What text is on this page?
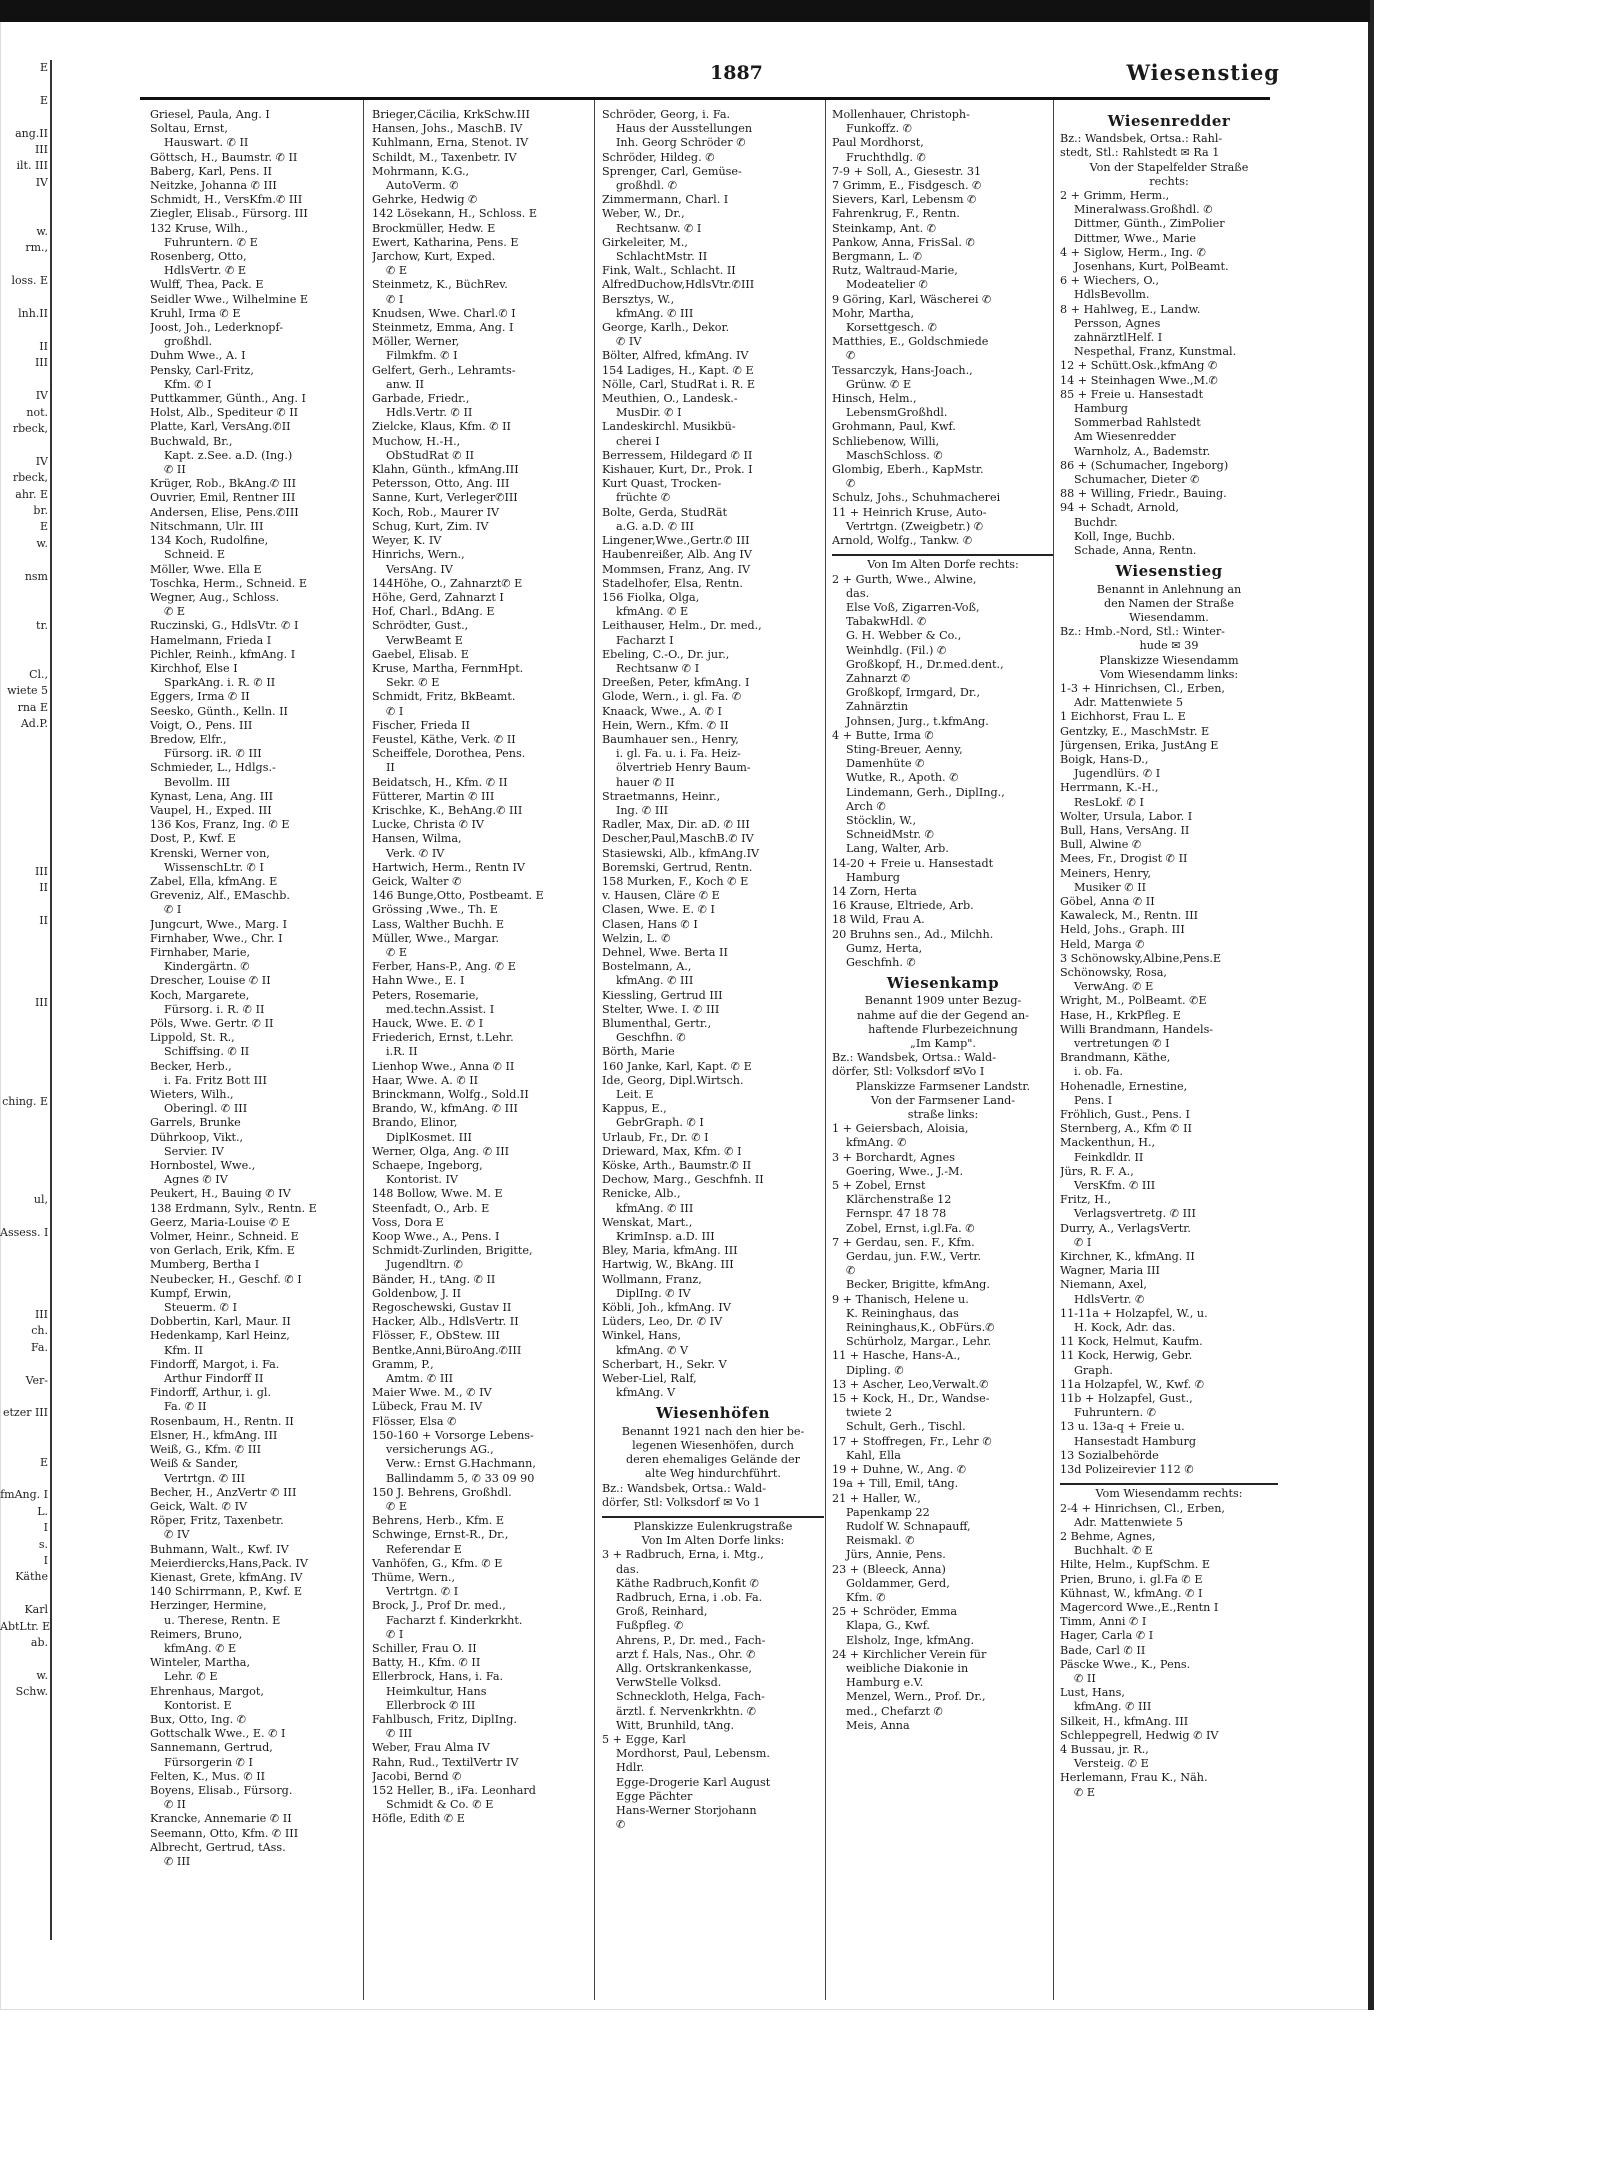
E

E

ang.II
III
ilt. III
IV

w.
rm.,

loss. E

lnh.II

II
III

IV
not.
rbeck,

IV
rbeck,
ahr. E
br.
E
w.

nsm

tr.

Cl.,
wiete 5
rna E
Ad.P.

III
II

II

III

ching. E

ul,

Assess. I

III
ch.
Fa.

Ver-

etzer III

E

fmAng. I
L.
I
s.
I
Käthe

Karl
AbtLtr. E
ab.

w.
Schw.
1887	Wiesenstieg
Griesel, Paula, Ang. I
Soltau, Ernst,
Hauswart. ✆ II
Göttsch, H., Baumstr. ✆ II
Baberg, Karl, Pens. II
Neitzke, Johanna ✆ III
Schmidt, H., VersKfm.✆ III
Ziegler, Elisab., Fürsorg. III
132 Kruse, Wilh.,
Fuhruntern. ✆ E
Rosenberg, Otto,
HdlsVertr. ✆ E
Wulff, Thea, Pack. E
Seidler Wwe., Wilhelmine E
Kruhl, Irma ✆ E
Joost, Joh., Lederknopf-
großhdl.
Duhm Wwe., A. I
Pensky, Carl-Fritz,
Kfm. ✆ I
Puttkammer, Günth., Ang. I
Holst, Alb., Spediteur ✆ II
Platte, Karl, VersAng.✆II
Buchwald, Br.,
Kapt. z.See. a.D. (Ing.)
✆ II
Krüger, Rob., BkAng.✆ III
Ouvrier, Emil, Rentner III
Andersen, Elise, Pens.✆III
Nitschmann, Ulr. III
134 Koch, Rudolfine,
Schneid. E
Möller, Wwe. Ella E
Toschka, Herm., Schneid. E
Wegner, Aug., Schloss.
✆ E
Ruczinski, G., HdlsVtr. ✆ I
Hamelmann, Frieda I
Pichler, Reinh., kfmAng. I
Kirchhof, Else I
SparkAng. i. R. ✆ II
Eggers, Irma ✆ II
Seesko, Günth., Kelln. II
Voigt, O., Pens. III
Bredow, Elfr.,
Fürsorg. iR. ✆ III
Schmieder, L., Hdlgs.-
Bevollm. III
Kynast, Lena, Ang. III
Vaupel, H., Exped. III
136 Kos, Franz, Ing. ✆ E
Dost, P., Kwf. E
Krenski, Werner von,
WissenschLtr. ✆ I
Zabel, Ella, kfmAng. E
Greveniz, Alf., EMaschb.
✆ I
Jungcurt, Wwe., Marg. I
Firnhaber, Wwe., Chr. I
Firnhaber, Marie,
Kindergärtn. ✆
Drescher, Louise ✆ II
Koch, Margarete,
Fürsorg. i. R. ✆ II
Pöls, Wwe. Gertr. ✆ II
Lippold, St. R.,
Schiffsing. ✆ II
Becker, Herb.,
i. Fa. Fritz Bott III
Wieters, Wilh.,
Oberingl. ✆ III
Garrels, Brunke
Dührkoop, Vikt.,
Servier. IV
Hornbostel, Wwe.,
Agnes ✆ IV
Peukert, H., Bauing ✆ IV
138 Erdmann, Sylv., Rentn. E
Geerz, Maria-Louise ✆ E
Volmer, Heinr., Schneid. E
von Gerlach, Erik, Kfm. E
Mumberg, Bertha I
Neubecker, H., Geschf. ✆ I
Kumpf, Erwin,
Steuerm. ✆ I
Dobbertin, Karl, Maur. II
Hedenkamp, Karl Heinz,
Kfm. II
Findorff, Margot, i. Fa.
Arthur Findorff II
Findorff, Arthur, i. gl.
Fa. ✆ II
Rosenbaum, H., Rentn. II
Elsner, H., kfmAng. III
Weiß, G., Kfm. ✆ III
Weiß & Sander,
Vertrtgn. ✆ III
Becher, H., AnzVertr ✆ III
Geick, Walt. ✆ IV
Röper, Fritz, Taxenbetr.
✆ IV
Buhmann, Walt., Kwf. IV
Meierdiercks,Hans,Pack. IV
Kienast, Grete, kfmAng. IV
140 Schirrmann, P., Kwf. E
Herzinger, Hermine,
u. Therese, Rentn. E
Reimers, Bruno,
kfmAng. ✆ E
Winteler, Martha,
Lehr. ✆ E
Ehrenhaus, Margot,
Kontorist. E
Bux, Otto, Ing. ✆
Gottschalk Wwe., E. ✆ I
Sannemann, Gertrud,
Fürsorgerin ✆ I
Felten, K., Mus. ✆ II
Boyens, Elisab., Fürsorg.
✆ II
Krancke, Annemarie ✆ II
Seemann, Otto, Kfm. ✆ III
Albrecht, Gertrud, tAss.
✆ III
Brieger,Cäcilia, KrkSchw.III
Hansen, Johs., MaschB. IV
Kuhlmann, Erna, Stenot. IV
Schildt, M., Taxenbetr. IV
Mohrmann, K.G.,
AutoVerm. ✆
Gehrke, Hedwig ✆
142 Lösekann, H., Schloss. E
Brockmüller, Hedw. E
Ewert, Katharina, Pens. E
Jarchow, Kurt, Exped.
✆ E
Steinmetz, K., BüchRev.
✆ I
Knudsen, Wwe. Charl.✆ I
Steinmetz, Emma, Ang. I
Möller, Werner,
Filmkfm. ✆ I
Gelfert, Gerh., Lehramts-
anw. II
Garbade, Friedr.,
Hdls.Vertr. ✆ II
Zielcke, Klaus, Kfm. ✆ II
Muchow, H.-H.,
ObStudRat ✆ II
Klahn, Günth., kfmAng.III
Petersson, Otto, Ang. III
Sanne, Kurt, Verleger✆III
Koch, Rob., Maurer IV
Schug, Kurt, Zim. IV
Weyer, K. IV
Hinrichs, Wern.,
VersAng. IV
144Höhe, O., Zahnarzt✆ E
Höhe, Gerd, Zahnarzt I
Hof, Charl., BdAng. E
Schrödter, Gust.,
VerwBeamt E
Gaebel, Elisab. E
Kruse, Martha, FernmHpt.
Sekr. ✆ E
Schmidt, Fritz, BkBeamt.
✆ I
Fischer, Frieda II
Feustel, Käthe, Verk. ✆ II
Scheiffele, Dorothea, Pens.
II
Beidatsch, H., Kfm. ✆ II
Fütterer, Martin ✆ III
Krischke, K., BehAng.✆ III
Lucke, Christa ✆ IV
Hansen, Wilma,
Verk. ✆ IV
Hartwich, Herm., Rentn IV
Geick, Walter ✆
146 Bunge,Otto, Postbeamt. E
Grössing ,Wwe., Th. E
Lass, Walther Buchh. E
Müller, Wwe., Margar.
✆ E
Ferber, Hans-P., Ang. ✆ E
Hahn Wwe., E. I
Peters, Rosemarie,
med.techn.Assist. I
Hauck, Wwe. E. ✆ I
Friederich, Ernst, t.Lehr.
i.R. II
Lienhop Wwe., Anna ✆ II
Haar, Wwe. A. ✆ II
Brinckmann, Wolfg., Sold.II
Brando, W., kfmAng. ✆ III
Brando, Elinor,
DiplKosmet. III
Werner, Olga, Ang. ✆ III
Schaepe, Ingeborg,
Kontorist. IV
148 Bollow, Wwe. M. E
Steenfadt, O., Arb. E
Voss, Dora E
Koop Wwe., A., Pens. I
Schmidt-Zurlinden, Brigitte,
Jugendltrn. ✆
Bänder, H., tAng. ✆ II
Goldenbow, J. II
Regoschewski, Gustav II
Hacker, Alb., HdlsVertr. II
Flösser, F., ObStew. III
Bentke,Anni,BüroAng.✆III
Gramm, P.,
Amtm. ✆ III
Maier Wwe. M., ✆ IV
Lübeck, Frau M. IV
Flösser, Elsa ✆
150-160 + Vorsorge Lebens-
versicherungs AG.,
Verw.: Ernst G.Hachmann,
Ballindamm 5, ✆ 33 09 90
150 J. Behrens, Großhdl.
✆ E
Behrens, Herb., Kfm. E
Schwinge, Ernst-R., Dr.,
Referendar E
Vanhöfen, G., Kfm. ✆ E
Thüme, Wern.,
Vertrtgn. ✆ I
Brock, J., Prof Dr. med.,
Facharzt f. Kinderkrkht.
✆ I
Schiller, Frau O. II
Batty, H., Kfm. ✆ II
Ellerbrock, Hans, i. Fa.
Heimkultur, Hans
Ellerbrock ✆ III
Fahlbusch, Fritz, DiplIng.
✆ III
Weber, Frau Alma IV
Rahn, Rud., TextilVertr IV
Jacobi, Bernd ✆
152 Heller, B., iFa. Leonhard
Schmidt & Co. ✆ E
Höfle, Edith ✆ E
Schröder, Georg, i. Fa.
Haus der Ausstellungen
Inh. Georg Schröder ✆
Schröder, Hildeg. ✆
Sprenger, Carl, Gemüse-
großhdl. ✆
Zimmermann, Charl. I
Weber, W., Dr.,
Rechtsanw. ✆ I
Girkeleiter, M.,
SchlachtMstr. II
Fink, Walt., Schlacht. II
AlfredDuchow,HdlsVtr.✆III
Bersztys, W.,
kfmAng. ✆ III
George, Karlh., Dekor.
✆ IV
Bölter, Alfred, kfmAng. IV
154 Ladiges, H., Kapt. ✆ E
Nölle, Carl, StudRat i. R. E
Meuthien, O., Landesk.-
MusDir. ✆ I
Landeskirchl. Musikbü-
cherei I
Berressem, Hildegard ✆ II
Kishauer, Kurt, Dr., Prok. I
Kurt Quast, Trocken-
früchte ✆
Bolte, Gerda, StudRät
a.G. a.D. ✆ III
Lingener,Wwe.,Gertr.✆ III
Haubenreißer, Alb. Ang IV
Mommsen, Franz, Ang. IV
Stadelhofer, Elsa, Rentn.
156 Fiolka, Olga,
kfmAng. ✆ E
Leithauser, Helm., Dr. med.,
Facharzt I
Ebeling, C.-O., Dr. jur.,
Rechtsanw ✆ I
Dreeßen, Peter, kfmAng. I
Glode, Wern., i. gl. Fa. ✆
Knaack, Wwe., A. ✆ I
Hein, Wern., Kfm. ✆ II
Baumhauer sen., Henry,
i. gl. Fa. u. i. Fa. Heiz-
ölvertrieb Henry Baum-
hauer ✆ II
Straetmanns, Heinr.,
Ing. ✆ III
Radler, Max, Dir. aD. ✆ III
Descher,Paul,MaschB.✆ IV
Stasiewski, Alb., kfmAng.IV
Boremski, Gertrud, Rentn.
158 Murken, F., Koch ✆ E
v. Hausen, Cläre ✆ E
Clasen, Wwe. E. ✆ I
Clasen, Hans ✆ I
Welzin, L. ✆
Dehnel, Wwe. Berta II
Bostelmann, A.,
kfmAng. ✆ III
Kiessling, Gertrud III
Stelter, Wwe. I. ✆ III
Blumenthal, Gertr.,
Geschfhn. ✆
Börth, Marie
160 Janke, Karl, Kapt. ✆ E
Ide, Georg, Dipl.Wirtsch.
Leit. E
Kappus, E.,
GebrGraph. ✆ I
Urlaub, Fr., Dr. ✆ I
Drieward, Max, Kfm. ✆ I
Köske, Arth., Baumstr.✆ II
Dechow, Marg., Geschfnh. II
Renicke, Alb.,
kfmAng. ✆ III
Wenskat, Mart.,
KrimInsp. a.D. III
Bley, Maria, kfmAng. III
Hartwig, W., BkAng. III
Wollmann, Franz,
DiplIng. ✆ IV
Köbli, Joh., kfmAng. IV
Lüders, Leo, Dr. ✆ IV
Winkel, Hans,
kfmAng. ✆ V
Scherbart, H., Sekr. V
Weber-Liel, Ralf,
kfmAng. V
Wiesenhöfen
Benannt 1921 nach den hier be-
legenen Wiesenhöfen, durch
deren ehemaliges Gelände der
alte Weg hindurchführt.
Bz.: Wandsbek, Ortsa.: Wald-
dörfer, Stl: Volksdorf ✉ Vo 1
Planskizze Eulenkrugstraße
Von Im Alten Dorfe links:
3 + Radbruch, Erna, i. Mtg.,
das.
Käthe Radbruch,Konfit ✆
Radbruch, Erna, i .ob. Fa.
Groß, Reinhard,
Fußpfleg. ✆
Ahrens, P., Dr. med., Fach-
arzt f. Hals, Nas., Ohr. ✆
Allg. Ortskrankenkasse,
VerwStelle Volksd.
Schneckloth, Helga, Fach-
ärztl. f. Nervenkrkhtn. ✆
Witt, Brunhild, tAng.
5 + Egge, Karl
Mordhorst, Paul, Lebensm.
Hdlr.
Egge-Drogerie Karl August
Egge Pächter
Hans-Werner Storjohann
✆
Mollenhauer, Christoph-
Funkoffz. ✆
Paul Mordhorst,
Fruchthdlg. ✆
7-9 + Soll, A., Giesestr. 31
7 Grimm, E., Fisdgesch. ✆
Sievers, Karl, Lebensm ✆
Fahrenkrug, F., Rentn.
Steinkamp, Ant. ✆
Pankow, Anna, FrisSal. ✆
Bergmann, L. ✆
Rutz, Waltraud-Marie,
Modeatelier ✆
9 Göring, Karl, Wäscherei ✆
Mohr, Martha,
Korsettgesch. ✆
Matthies, E., Goldschmiede
✆
Tessarczyk, Hans-Joach.,
Grünw. ✆ E
Hinsch, Helm.,
LebensmGroßhdl.
Grohmann, Paul, Kwf.
Schliebenow, Willi,
MaschSchloss. ✆
Glombig, Eberh., KapMstr.
✆
Schulz, Johs., Schuhmacherei
11 + Heinrich Kruse, Auto-
Vertrtgn. (Zweigbetr.) ✆
Arnold, Wolfg., Tankw. ✆
Von Im Alten Dorfe rechts:
2 + Gurth, Wwe., Alwine,
das.
Else Voß, Zigarren-Voß,
TabakwHdl. ✆
G. H. Webber & Co.,
Weinhdlg. (Fil.) ✆
Großkopf, H., Dr.med.dent.,
Zahnarzt ✆
Großkopf, Irmgard, Dr.,
Zahnärztin
Johnsen, Jurg., t.kfmAng.
4 + Butte, Irma ✆
Sting-Breuer, Aenny,
Damenhüte ✆
Wutke, R., Apoth. ✆
Lindemann, Gerh., DiplIng.,
Arch ✆
Stöcklin, W.,
SchneidMstr. ✆
Lang, Walter, Arb.
14-20 + Freie u. Hansestadt
Hamburg
14 Zorn, Herta
16 Krause, Eltriede, Arb.
18 Wild, Frau A.
20 Bruhns sen., Ad., Milchh.
Gumz, Herta,
Geschfnh. ✆
Wiesenkamp
Benannt 1909 unter Bezug-
nahme auf die der Gegend an-
haftende Flurbezeichnung
„Im Kamp".
Bz.: Wandsbek, Ortsa.: Wald-
dörfer, Stl: Volksdorf ✉Vo I
Planskizze Farmsener Landstr.
Von der Farmsener Land-
straße links:
1 + Geiersbach, Aloisia,
kfmAng. ✆
3 + Borchardt, Agnes
Goering, Wwe., J.-M.
5 + Zobel, Ernst
Klärchenstraße 12
Fernspr. 47 18 78
Zobel, Ernst, i.gl.Fa. ✆
7 + Gerdau, sen. F., Kfm.
Gerdau, jun. F.W., Vertr.
✆
Becker, Brigitte, kfmAng.
9 + Thanisch, Helene u.
K. Reininghaus, das
Reininghaus,K., ObFürs.✆
Schürholz, Margar., Lehr.
11 + Hasche, Hans-A.,
Dipling. ✆
13 + Ascher, Leo,Verwalt.✆
15 + Kock, H., Dr., Wandse-
twiete 2
Schult, Gerh., Tischl.
17 + Stoffregen, Fr., Lehr ✆
Kahl, Ella
19 + Duhne, W., Ang. ✆
19a + Till, Emil, tAng.
21 + Haller, W.,
Papenkamp 22
Rudolf W. Schnapauff,
Reismakl. ✆
Jürs, Annie, Pens.
23 + (Bleeck, Anna)
Goldammer, Gerd,
Kfm. ✆
25 + Schröder, Emma
Klapa, G., Kwf.
Elsholz, Inge, kfmAng.
24 + Kirchlicher Verein für
weibliche Diakonie in
Hamburg e.V.
Menzel, Wern., Prof. Dr.,
med., Chefarzt ✆
Meis, Anna
Wiesenredder
Bz.: Wandsbek, Ortsa.: Rahl-
stedt, Stl.: Rahlstedt ✉ Ra 1
Von der Stapelfelder Straße
rechts:
2 + Grimm, Herm.,
Mineralwass.Großhdl. ✆
Dittmer, Günth., ZimPolier
Dittmer, Wwe., Marie
4 + Siglow, Herm., Ing. ✆
Josenhans, Kurt, PolBeamt.
6 + Wiechers, O.,
HdlsBevollm.
8 + Hahlweg, E., Landw.
Persson, Agnes
zahnärztlHelf. I
Nespethal, Franz, Kunstmal.
12 + Schütt.Osk.,kfmAng ✆
14 + Steinhagen Wwe.,M.✆
85 + Freie u. Hansestadt
Hamburg
Sommerbad Rahlstedt
Am Wiesenredder
Warnholz, A., Bademstr.
86 + (Schumacher, Ingeborg)
Schumacher, Dieter ✆
88 + Willing, Friedr., Bauing.
94 + Schadt, Arnold,
Buchdr.
Koll, Inge, Buchb.
Schade, Anna, Rentn.
Wiesenstieg
Benannt in Anlehnung an
den Namen der Straße
Wiesendamm.
Bz.: Hmb.-Nord, Stl.: Winter-
hude ✉ 39
Planskizze Wiesendamm
Vom Wiesendamm links:
1-3 + Hinrichsen, Cl., Erben,
Adr. Mattenwiete 5
1 Eichhorst, Frau L. E
Gentzky, E., MaschMstr. E
Jürgensen, Erika, JustAng E
Boigk, Hans-D.,
Jugendlürs. ✆ I
Herrmann, K.-H.,
ResLokf. ✆ I
Wolter, Ursula, Labor. I
Bull, Hans, VersAng. II
Bull, Alwine ✆
Mees, Fr., Drogist ✆ II
Meiners, Henry,
Musiker ✆ II
Göbel, Anna ✆ II
Kawaleck, M., Rentn. III
Held, Johs., Graph. III
Held, Marga ✆
3 Schönowsky,Albine,Pens.E
Schönowsky, Rosa,
VerwAng. ✆ E
Wright, M., PolBeamt. ✆E
Hase, H., KrkPfleg. E
Willi Brandmann, Handels-
vertretungen ✆ I
Brandmann, Käthe,
i. ob. Fa.
Hohenadle, Ernestine,
Pens. I
Fröhlich, Gust., Pens. I
Sternberg, A., Kfm ✆ II
Mackenthun, H.,
Feinkdldr. II
Jürs, R. F. A.,
VersKfm. ✆ III
Fritz, H.,
Verlagsvertretg. ✆ III
Durry, A., VerlagsVertr.
✆ I
Kirchner, K., kfmAng. II
Wagner, Maria III
Niemann, Axel,
HdlsVertr. ✆
11-11a + Holzapfel, W., u.
H. Kock, Adr. das.
11 Kock, Helmut, Kaufm.
11 Kock, Herwig, Gebr.
Graph.
11a Holzapfel, W., Kwf. ✆
11b + Holzapfel, Gust.,
Fuhruntern. ✆
13 u. 13a-q + Freie u.
Hansestadt Hamburg
13 Sozialbehörde
13d Polizeirevier 112 ✆
Vom Wiesendamm rechts:
2-4 + Hinrichsen, Cl., Erben,
Adr. Mattenwiete 5
2 Behme, Agnes,
Buchhalt. ✆ E
Hilte, Helm., KupfSchm. E
Prien, Bruno, i. gl.Fa ✆ E
Kühnast, W., kfmAng. ✆ I
Magercord Wwe.,E.,Rentn I
Timm, Anni ✆ I
Hager, Carla ✆ I
Bade, Carl ✆ II
Päscke Wwe., K., Pens.
✆ II
Lust, Hans,
kfmAng. ✆ III
Silkeit, H., kfmAng. III
Schleppegrell, Hedwig ✆ IV
4 Bussau, jr. R.,
Versteig. ✆ E
Herlemann, Frau K., Näh.
✆ E
